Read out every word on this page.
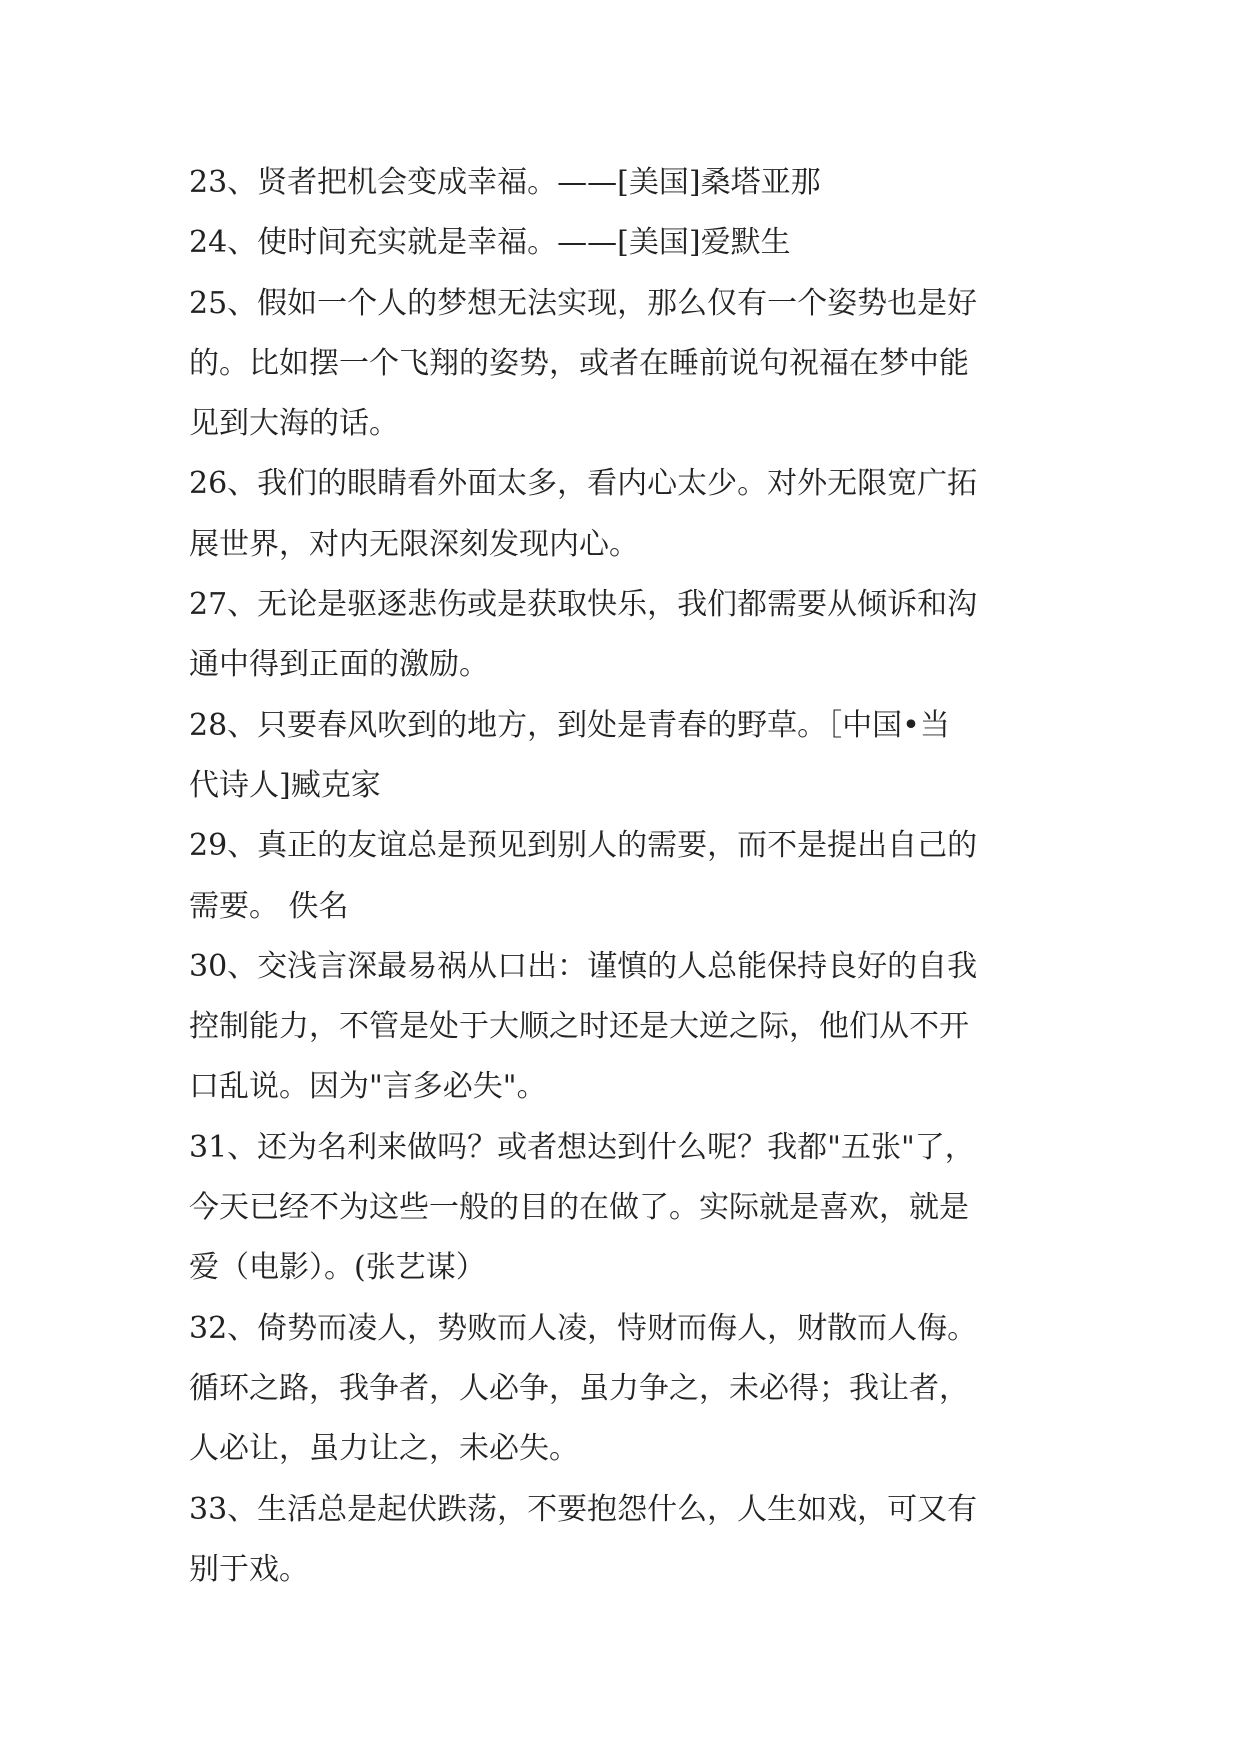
23、贤者把机会变成幸福。——[美国]桑塔亚那
24、使时间充实就是幸福。——[美国]爱默生
25、假如一个人的梦想无法实现，那么仅有一个姿势也是好
的。比如摆一个飞翔的姿势，或者在睡前说句祝福在梦中能
见到大海的话。
26、我们的眼睛看外面太多，看内心太少。对外无限宽广拓
展世界，对内无限深刻发现内心。
27、无论是驱逐悲伤或是获取快乐，我们都需要从倾诉和沟
通中得到正面的激励。
28、只要春风吹到的地方，到处是青春的野草。［中国•当
代诗人]臧克家
29、真正的友谊总是预见到别人的需要，而不是提出自己的
需要。 佚名
30、交浅言深最易祸从口出：谨慎的人总能保持良好的自我
控制能力，不管是处于大顺之时还是大逆之际，他们从不开
口乱说。因为"言多必失"。
31、还为名利来做吗？或者想达到什么呢？我都"五张"了，
今天已经不为这些一般的目的在做了。实际就是喜欢，就是
爱（电影）。(张艺谋）
32、倚势而凌人，势败而人凌，恃财而侮人，财散而人侮。
循环之路，我争者，人必争，虽力争之，未必得；我让者，
人必让，虽力让之，未必失。
33、生活总是起伏跌荡，不要抱怨什么，人生如戏，可又有
别于戏。
